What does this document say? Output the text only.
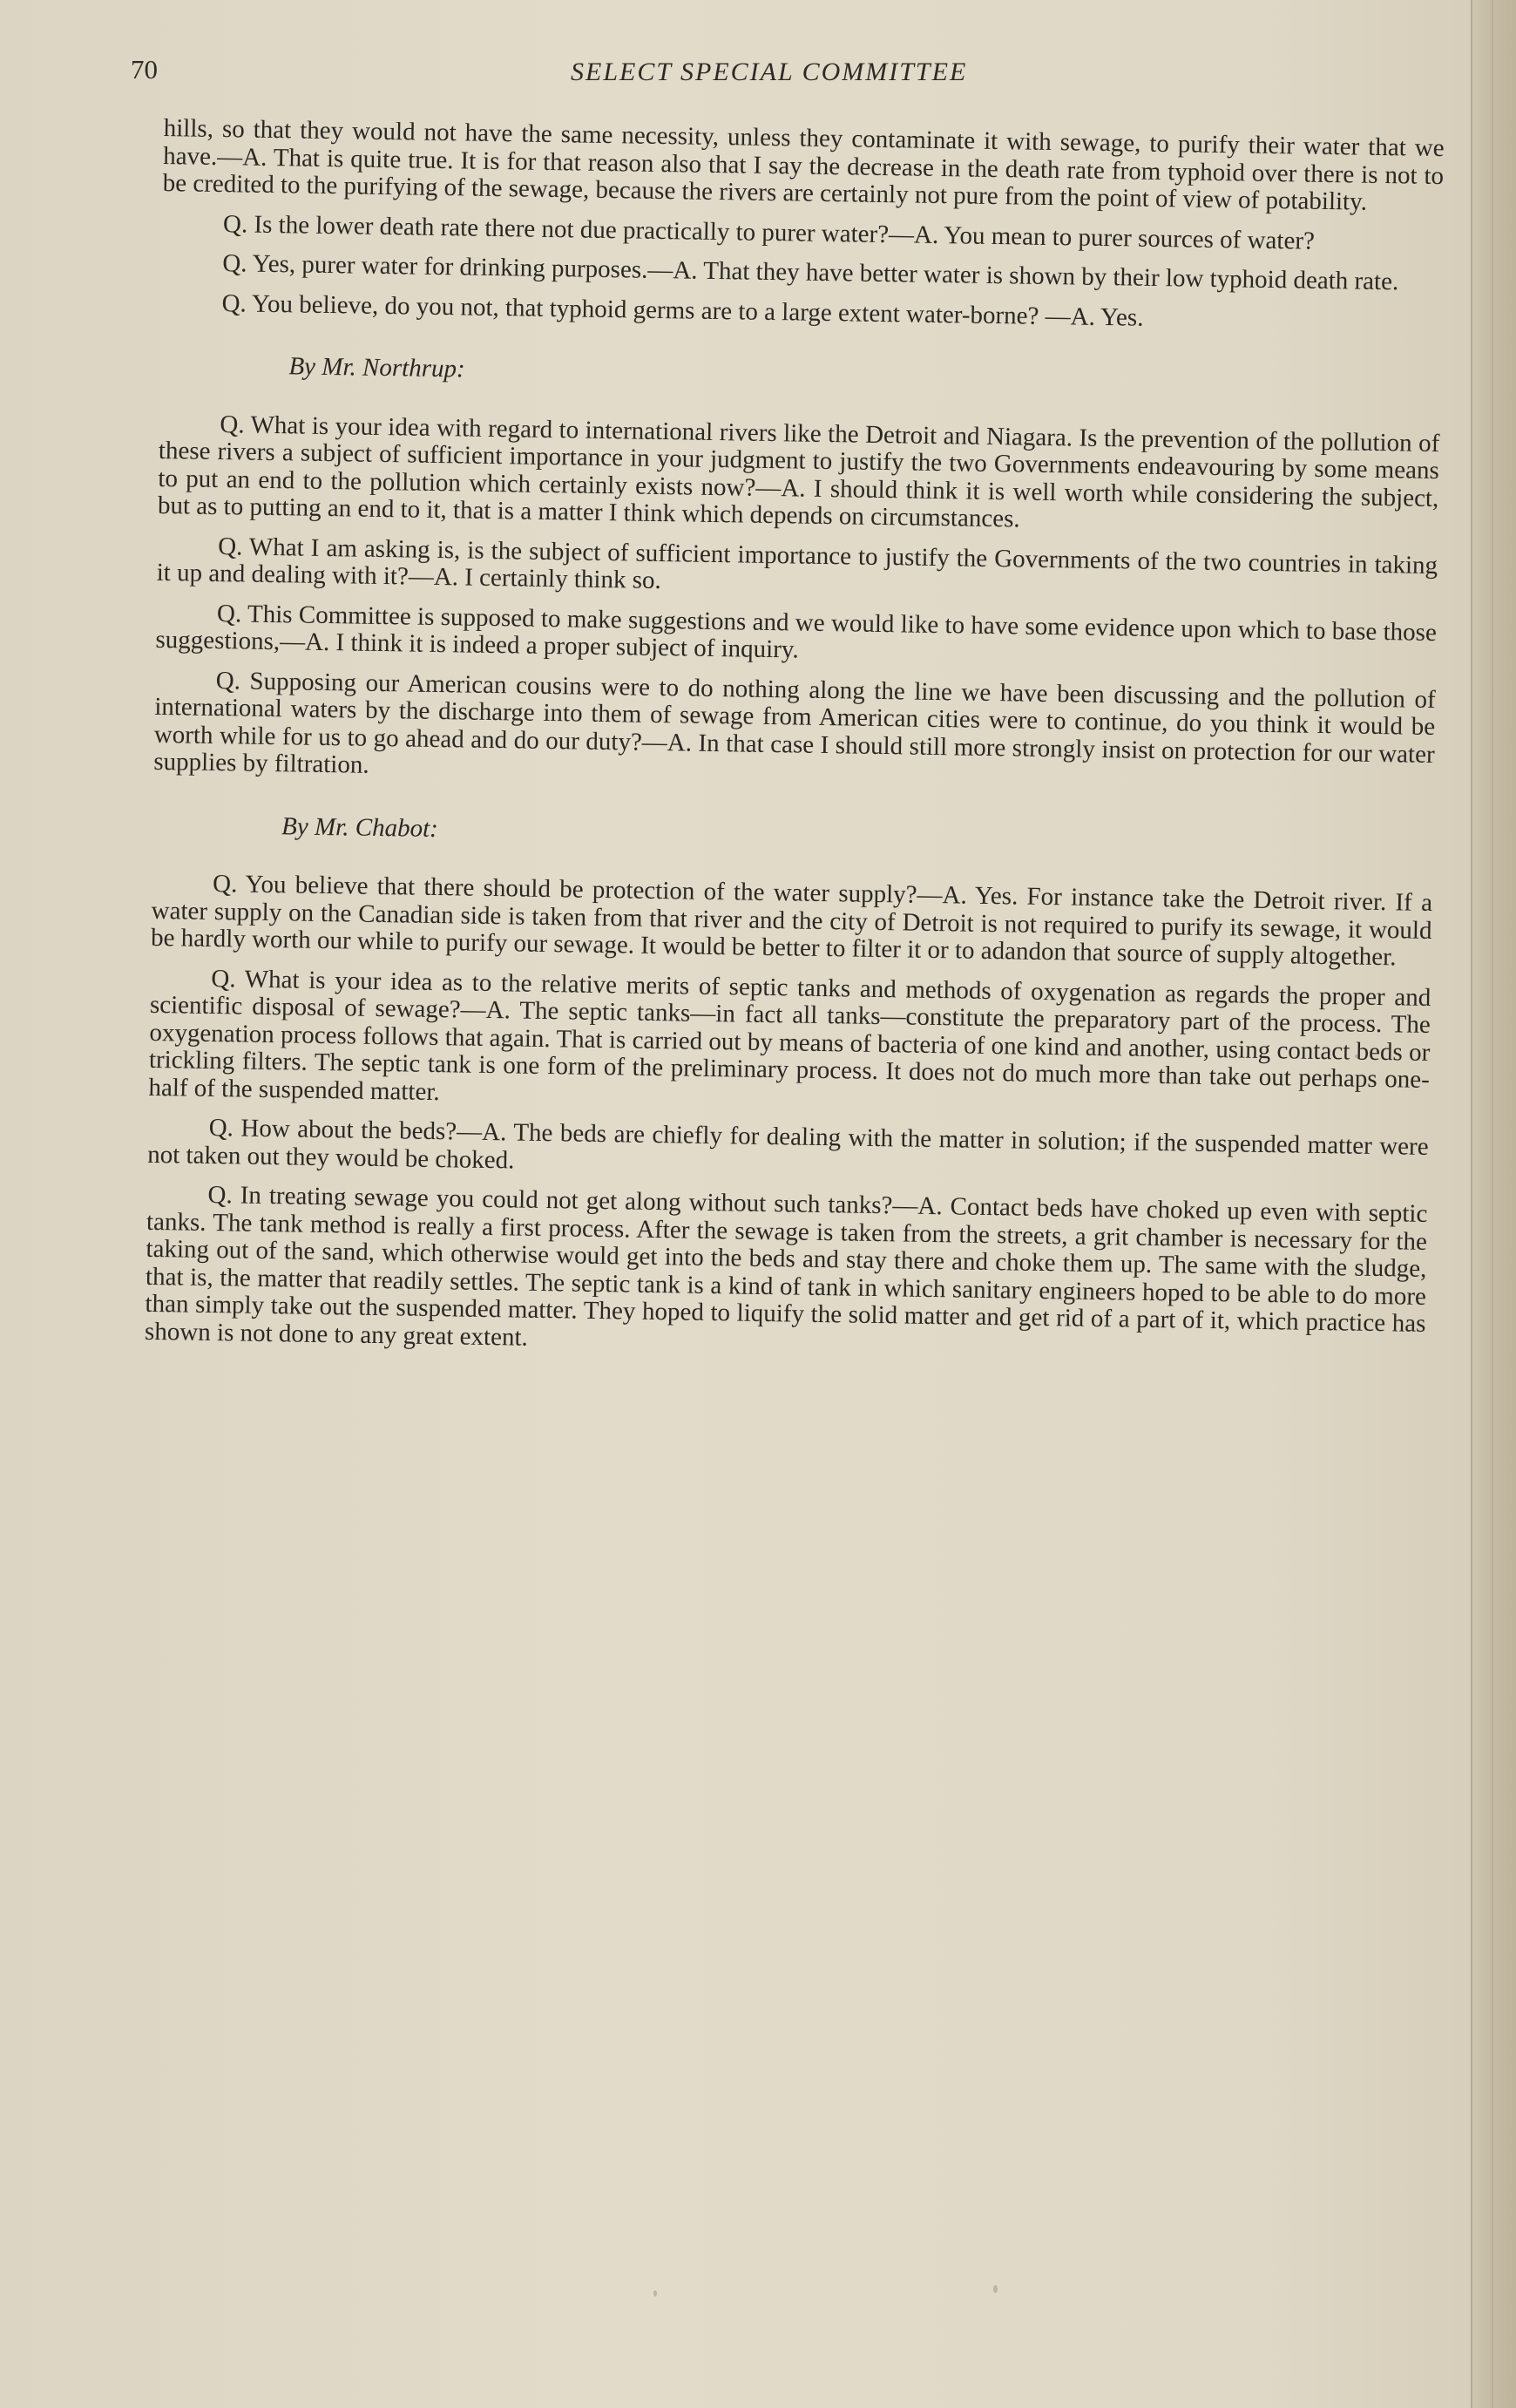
70	SELECT SPECIAL COMMITTEE

hills, so that they would not have the same necessity, unless they contaminate it with sewage, to purify their water that we have.—A. That is quite true. It is for that reason also that I say the decrease in the death rate from typhoid over there is not to be credited to the purifying of the sewage, because the rivers are certainly not pure from the point of view of potability.

Q. Is the lower death rate there not due practically to purer water?—A. You mean to purer sources of water?

Q. Yes, purer water for drinking purposes.—A. That they have better water is shown by their low typhoid death rate.

Q. You believe, do you not, that typhoid germs are to a large extent water-borne? —A. Yes.

By Mr. Northrup:

Q. What is your idea with regard to international rivers like the Detroit and Niagara. Is the prevention of the pollution of these rivers a subject of sufficient importance in your judgment to justify the two Governments endeavouring by some means to put an end to the pollution which certainly exists now?—A. I should think it is well worth while considering the subject, but as to putting an end to it, that is a matter I think which depends on circumstances.

Q. What I am asking is, is the subject of sufficient importance to justify the Governments of the two countries in taking it up and dealing with it?—A. I certainly think so.

Q. This Committee is supposed to make suggestions and we would like to have some evidence upon which to base those suggestions,—A. I think it is indeed a proper subject of inquiry.

Q. Supposing our American cousins were to do nothing along the line we have been discussing and the pollution of international waters by the discharge into them of sewage from American cities were to continue, do you think it would be worth while for us to go ahead and do our duty?—A. In that case I should still more strongly insist on protection for our water supplies by filtration.

By Mr. Chabot:

Q. You believe that there should be protection of the water supply?—A. Yes. For instance take the Detroit river. If a water supply on the Canadian side is taken from that river and the city of Detroit is not required to purify its sewage, it would be hardly worth our while to purify our sewage. It would be better to filter it or to adandon that source of supply altogether.

Q. What is your idea as to the relative merits of septic tanks and methods of oxygenation as regards the proper and scientific disposal of sewage?—A. The septic tanks—in fact all tanks—constitute the preparatory part of the process. The oxygenation process follows that again. That is carried out by means of bacteria of one kind and another, using contact beds or trickling filters. The septic tank is one form of the preliminary process. It does not do much more than take out perhaps one-half of the suspended matter.

Q. How about the beds?—A. The beds are chiefly for dealing with the matter in solution; if the suspended matter were not taken out they would be choked.

Q. In treating sewage you could not get along without such tanks?—A. Contact beds have choked up even with septic tanks. The tank method is really a first process. After the sewage is taken from the streets, a grit chamber is necessary for the taking out of the sand, which otherwise would get into the beds and stay there and choke them up. The same with the sludge, that is, the matter that readily settles. The septic tank is a kind of tank in which sanitary engineers hoped to be able to do more than simply take out the suspended matter. They hoped to liquify the solid matter and get rid of a part of it, which practice has shown is not done to any great extent.
